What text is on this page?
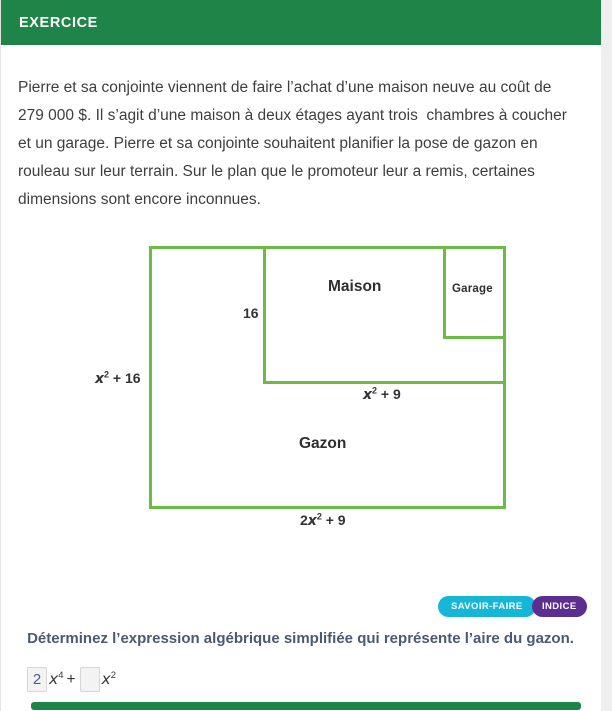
EXERCICE
Pierre et sa conjointe viennent de faire l’achat d’une maison neuve au coût de
279 000 $. Il s’agit d’une maison à deux étages ayant trois  chambres à coucher
et un garage. Pierre et sa conjointe souhaitent planifier la pose de gazon en
rouleau sur leur terrain. Sur le plan que le promoteur leur a remis, certaines
dimensions sont encore inconnues.
Maison	Garage
Gazon
16
$x^2 + 16$
$x^2 + 9$
$2x^2 + 9$
SAVOIR-FAIRE INDICE
Déterminez l’expression algébrique simplifiée qui représente l’aire du gazon.
2
$x^4 + x^2$
